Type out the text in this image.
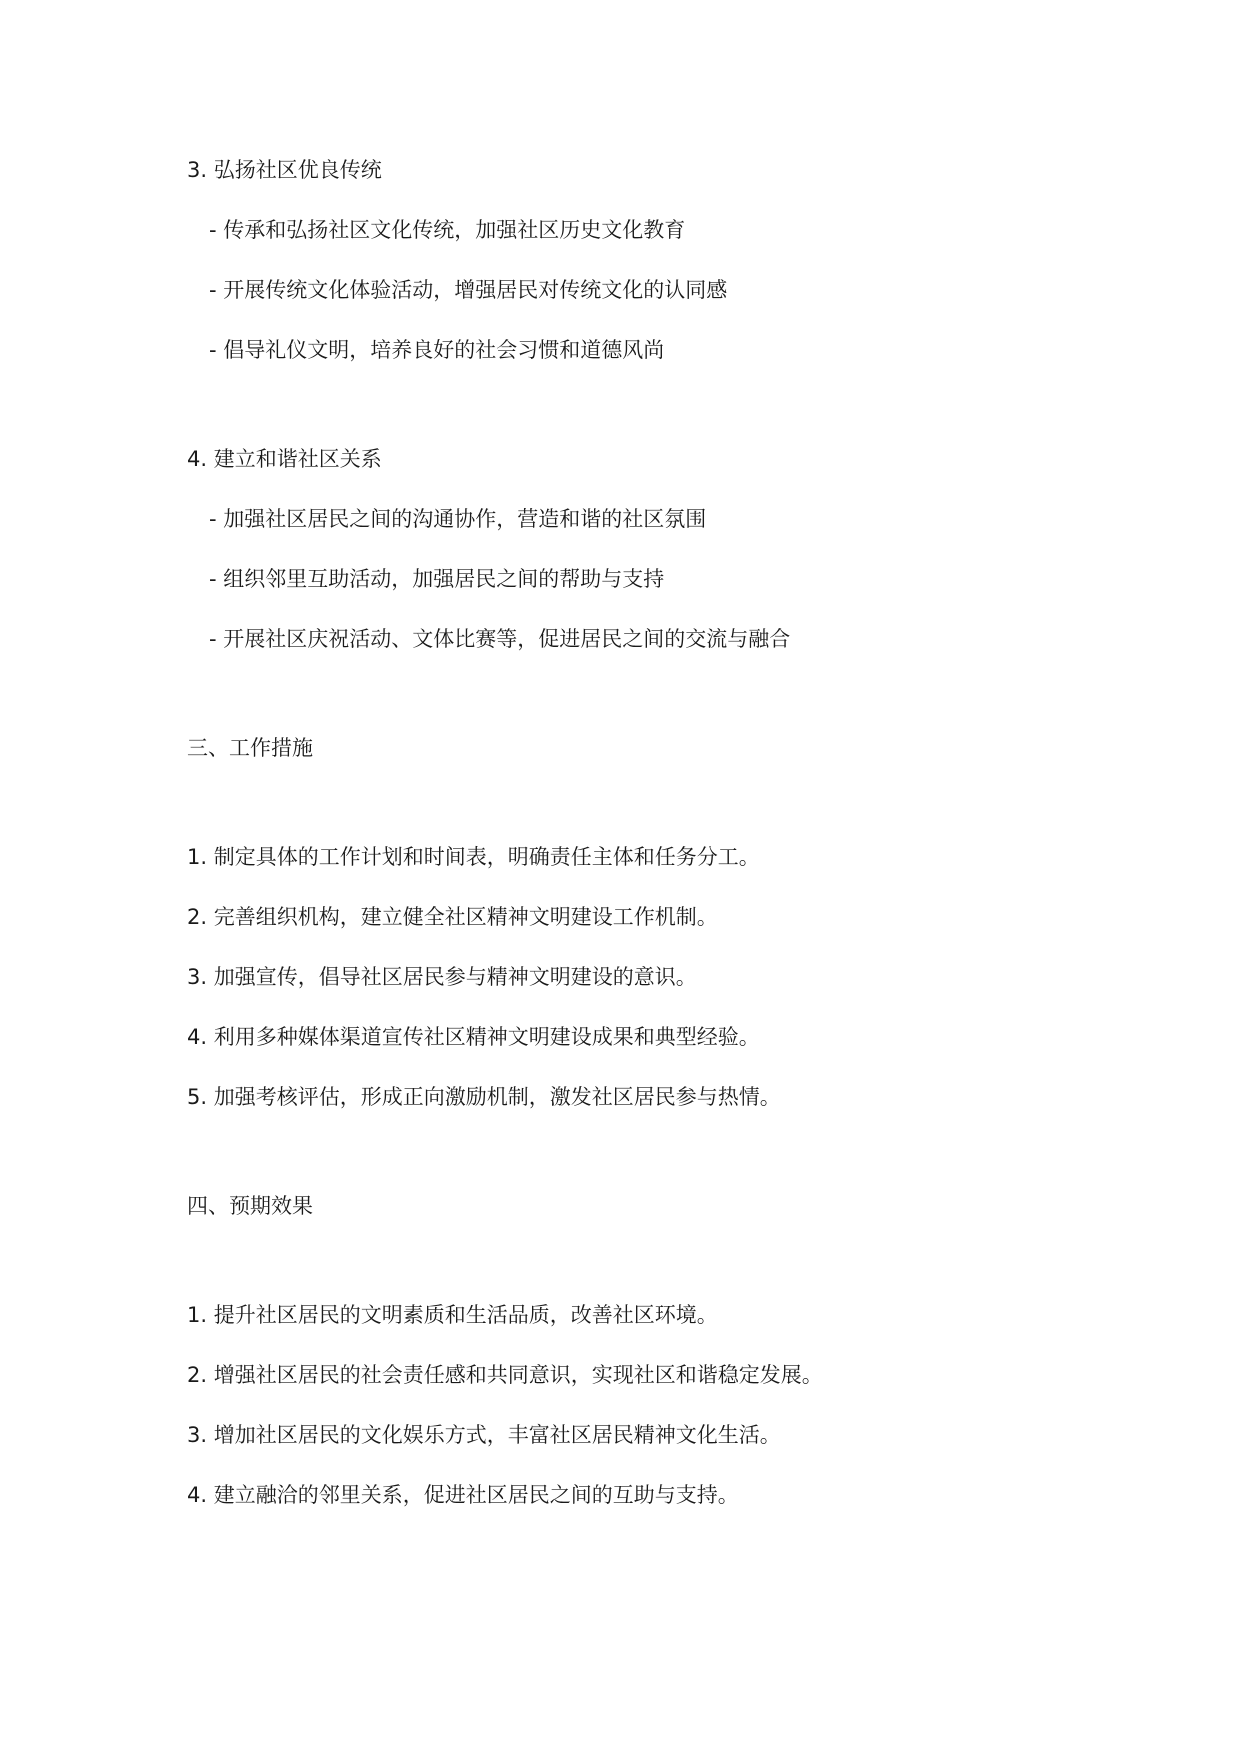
3. 弘扬社区优良传统

- 传承和弘扬社区文化传统，加强社区历史文化教育

- 开展传统文化体验活动，增强居民对传统文化的认同感

- 倡导礼仪文明，培养良好的社会习惯和道德风尚

4. 建立和谐社区关系

- 加强社区居民之间的沟通协作，营造和谐的社区氛围

- 组织邻里互助活动，加强居民之间的帮助与支持

- 开展社区庆祝活动、文体比赛等，促进居民之间的交流与融合

三、工作措施

1. 制定具体的工作计划和时间表，明确责任主体和任务分工。

2. 完善组织机构，建立健全社区精神文明建设工作机制。

3. 加强宣传，倡导社区居民参与精神文明建设的意识。

4. 利用多种媒体渠道宣传社区精神文明建设成果和典型经验。

5. 加强考核评估，形成正向激励机制，激发社区居民参与热情。

四、预期效果

1. 提升社区居民的文明素质和生活品质，改善社区环境。

2. 增强社区居民的社会责任感和共同意识，实现社区和谐稳定发展。

3. 增加社区居民的文化娱乐方式，丰富社区居民精神文化生活。

4. 建立融洽的邻里关系，促进社区居民之间的互助与支持。
